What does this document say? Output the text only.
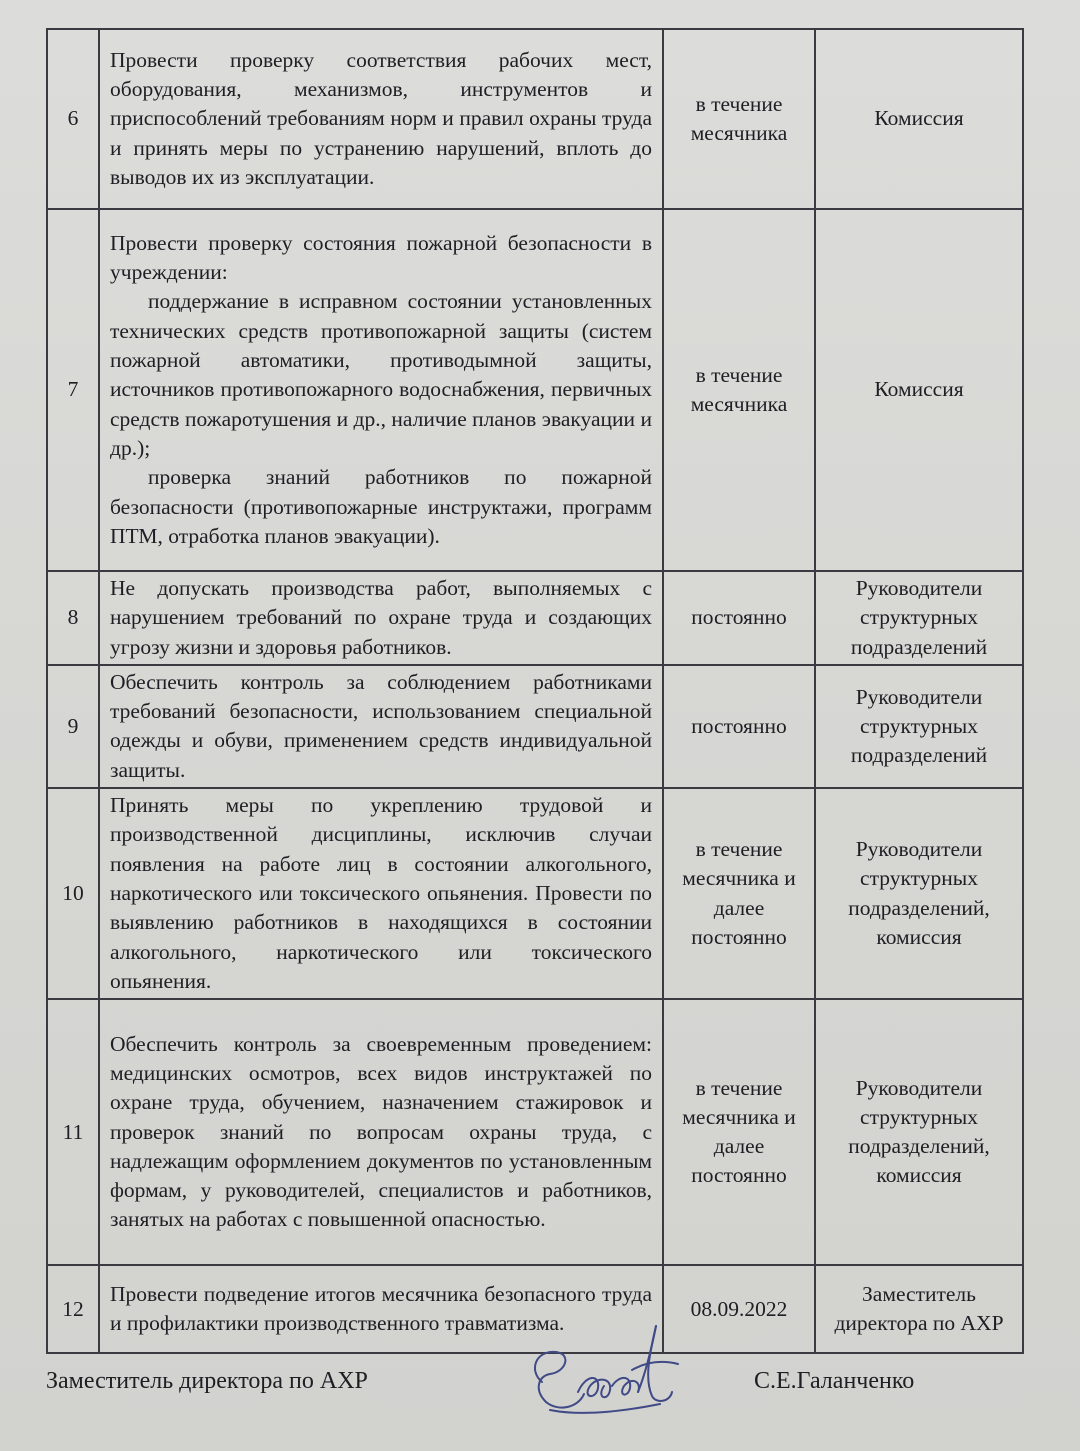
6	Провести проверку соответствия рабочих мест, оборудования, механизмов, инструментов и приспособлений требованиям норм и правил охраны труда и принять меры по устранению нарушений, вплоть до выводов их из эксплуатации.	в течение месячника	Комиссия
7	Провести проверку состояния пожарной безопасности в учреждении:

поддержание в исправном состоянии установленных технических средств противопожарной защиты (систем пожарной автоматики, противодымной защиты, источников противопожарного водоснабжения, первичных средств пожаротушения и др., наличие планов эвакуации и др.);

проверка знаний работников по пожарной безопасности (противопожарные инструктажи, программ ПТМ, отработка планов эвакуации).	в течение месячника	Комиссия
8	Не допускать производства работ, выполняемых с нарушением требований по охране труда и создающих угрозу жизни и здоровья работников.	постоянно	Руководители структурных подразделений
9	Обеспечить контроль за соблюдением работниками требований безопасности, использованием специальной одежды и обуви, применением средств индивидуальной защиты.	постоянно	Руководители структурных подразделений
10	Принять меры по укреплению трудовой и производственной дисциплины, исключив случаи появления на работе лиц в состоянии алкогольного, наркотического или токсического опьянения. Провести по выявлению работников в находящихся в состоянии алкогольного, наркотического или токсического опьянения.	в течение месячника и далее постоянно	Руководители структурных подразделений, комиссия
11	Обеспечить контроль за своевременным проведением: медицинских осмотров, всех видов инструктажей по охране труда, обучением, назначением стажировок и проверок знаний по вопросам охраны труда, с надлежащим оформлением документов по установленным формам, у руководителей, специалистов и работников, занятых на работах с повышенной опасностью.	в течение месячника и далее постоянно	Руководители структурных подразделений, комиссия
12	Провести подведение итогов месячника безопасного труда и профилактики производственного травматизма.	08.09.2022	Заместитель директора по АХР
Заместитель директора по АХР	С.Е.Галанченко
